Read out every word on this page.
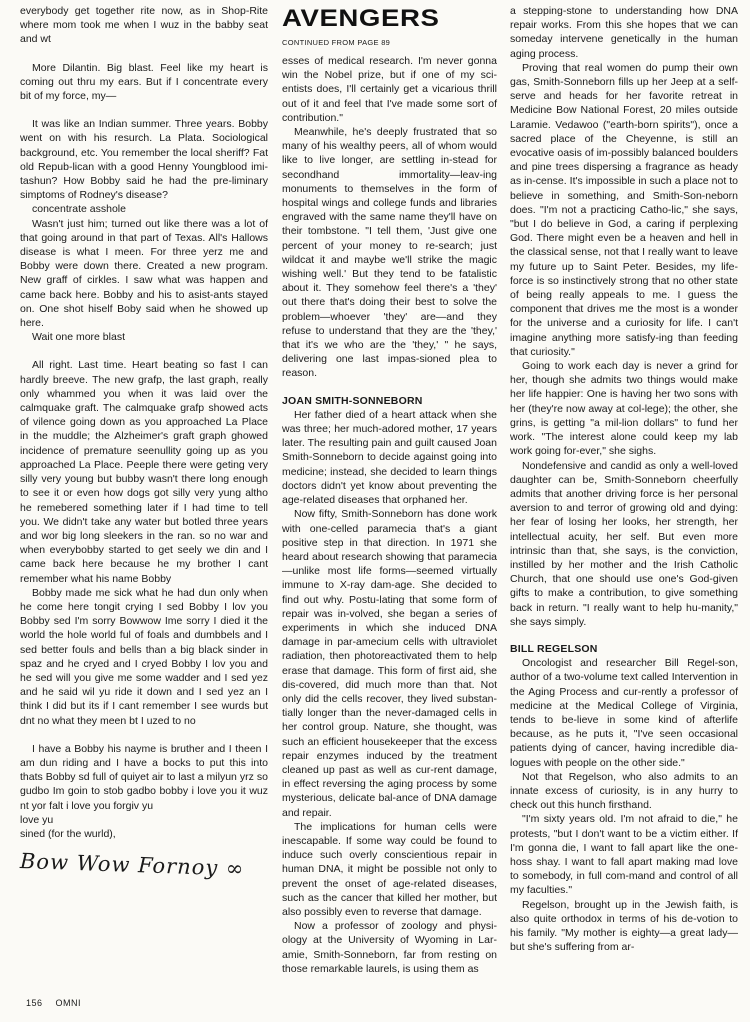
everybody get together rite now, as in Shop-Rite where mom took me when I wuz in the babby seat and wt

More Dilantin. Big blast. Feel like my heart is coming out thru my ears. But if I concentrate every bit of my force, my—

It was like an Indian summer. Three years. Bobby went on with his resurch. La Plata. Sociological background, etc. You remember the local sheriff? Fat old Repub-lican with a good Henny Youngblood imi-tashun? How Bobby said he had the pre-liminary simptoms of Rodney's disease?

concentrate asshole

Wasn't just him; turned out like there was a lot of that going around in that part of Texas. All's Hallows disease is what I meen. For three yerz me and Bobby were down there. Created a new program. New graff of cirkles. I saw what was happen and came back here. Bobby and his to asist-ants stayed on. One shot hiself Boby said when he showed up here.

Wait one more blast

All right. Last time. Heart beating so fast I can hardly breeve. The new grafp, the last graph, really only whammed you when it was laid over the calmquake graft. The calmquake grafp showed acts of vilence going down as you approached La Place in the muddle; the Alzheimer's graft graph ghowed incidence of premature seenullity going up as you approached La Place. Peeple there were geting very silly very young but bubby wasn't there long enough to see it or even how dogs got silly very yung altho he remebered something later if I had time to tell you. We didn't take any water but botled three years and wor big long sleekers in the ran. so no war and when everybobby started to get seely we din and I came back here because he my brother I cant remember what his name Bobby

Bobby made me sick what he had dun only when he come here tongit crying I sed Bobby I lov you Bobby sed I'm sorry Bowwow Ime sorry I died it the world the hole world ful of foals and dumbbels and I sed better fouls and bells than a big black sinder in spaz and he cryed and I cryed Bobby I lov you and he sed will you give me some wadder and I sed yez and he said wil yu ride it down and I sed yez an I think I did but its if I cant remember I see wurds but dnt no what they meen bt I uzed to no

I have a Bobby his nayme is bruther and I theen I am dun riding and I have a bocks to put this into thats Bobby sd full of quiyet air to last a milyun yrz so gudbo Im goin to stob gadbo bobby i love you it wuz nt yor falt i love you forgiv yu

love yu

sined (for the wurld),

Bow Wow Fornoy ∞
AVENGERS
CONTINUED FROM PAGE 89

esses of medical research. I'm never gonna win the Nobel prize, but if one of my sci-entists does, I'll certainly get a vicarious thrill out of it and feel that I've made some sort of contribution."

Meanwhile, he's deeply frustrated that so many of his wealthy peers, all of whom would like to live longer, are settling in-stead for secondhand immortality—leav-ing monuments to themselves in the form of hospital wings and college funds and libraries engraved with the same name they'll have on their tombstone. "I tell them, 'Just give one percent of your money to re-search; just wildcat it and maybe we'll strike the magic wishing well.' But they tend to be fatalistic about it. They somehow feel there's a 'they' out there that's doing their best to solve the problem—whoever 'they' are—and they refuse to understand that they are the 'they,' that it's we who are the 'they,' " he says, delivering one last impas-sioned plea to reason.

JOAN SMITH-SONNEBORN

Her father died of a heart attack when she was three; her much-adored mother, 17 years later. The resulting pain and guilt caused Joan Smith-Sonneborn to decide against going into medicine; instead, she decided to learn things doctors didn't yet know about preventing the age-related diseases that orphaned her.

Now fifty, Smith-Sonneborn has done work with one-celled paramecia that's a giant positive step in that direction. In 1971 she heard about research showing that paramecia—unlike most life forms—seemed virtually immune to X-ray dam-age. She decided to find out why. Postu-lating that some form of repair was in-volved, she began a series of experiments in which she induced DNA damage in par-amecium cells with ultraviolet radiation, then photoreactivated them to help erase that damage. This form of first aid, she dis-covered, did much more than that. Not only did the cells recover, they lived substan-tially longer than the never-damaged cells in her control group. Nature, she thought, was such an efficient housekeeper that the excess repair enzymes induced by the treatment cleaned up past as well as cur-rent damage, in effect reversing the aging process by some mysterious, delicate bal-ance of DNA damage and repair.

The implications for human cells were inescapable. If some way could be found to induce such overly conscientious repair in human DNA, it might be possible not only to prevent the onset of age-related diseases, such as the cancer that killed her mother, but also possibly even to reverse that damage.

Now a professor of zoology and physi-ology at the University of Wyoming in Lar-amie, Smith-Sonneborn, far from resting on those remarkable laurels, is using them as

a stepping-stone to understanding how DNA repair works. From this she hopes that we can someday intervene genetically in the human aging process.

Proving that real women do pump their own gas, Smith-Sonneborn fills up her Jeep at a self-serve and heads for her favorite retreat in Medicine Bow National Forest, 20 miles outside Laramie. Vedawoo ("earth-born spirits"), once a sacred place of the Cheyenne, is still an evocative oasis of im-possibly balanced boulders and pine trees dispersing a fragrance as heady as in-cense. It's impossible in such a place not to believe in something, and Smith-Son-neborn does. "I'm not a practicing Catho-lic," she says, "but I do believe in God, a caring if perplexing God. There might even be a heaven and hell in the classical sense, not that I really want to leave my future up to Saint Peter. Besides, my life-force is so instinctively strong that no other state of being really appeals to me. I guess the component that drives me the most is a wonder for the universe and a curiosity for life. I can't imagine anything more satisfy-ing than feeding that curiosity."

Going to work each day is never a grind for her, though she admits two things would make her life happier: One is having her two sons with her (they're now away at col-lege); the other, she grins, is getting "a mil-lion dollars" to fund her work. "The interest alone could keep my lab work going for-ever," she sighs.

Nondefensive and candid as only a well-loved daughter can be, Smith-Sonneborn cheerfully admits that another driving force is her personal aversion to and terror of growing old and dying: her fear of losing her looks, her strength, her intellectual acuity, her self. But even more intrinsic than that, she says, is the conviction, instilled by her mother and the Irish Catholic Church, that one should use one's God-given gifts to make a contribution, to give something back in return. "I really want to help hu-manity," she says simply.

BILL REGELSON

Oncologist and researcher Bill Regel-son, author of a two-volume text called Intervention in the Aging Process and cur-rently a professor of medicine at the Medical College of Virginia, tends to be-lieve in some kind of afterlife because, as he puts it, "I've seen occasional patients dying of cancer, having incredible dia-logues with people on the other side."

Not that Regelson, who also admits to an innate excess of curiosity, is in any hurry to check out this hunch firsthand.

"I'm sixty years old. I'm not afraid to die," he protests, "but I don't want to be a victim either. If I'm gonna die, I want to fall apart like the one-hoss shay. I want to fall apart making mad love to somebody, in full com-mand and control of all my faculties."

Regelson, brought up in the Jewish faith, is also quite orthodox in terms of his de-votion to his family. "My mother is eighty—a great lady—but she's suffering from ar-

156 OMNI
